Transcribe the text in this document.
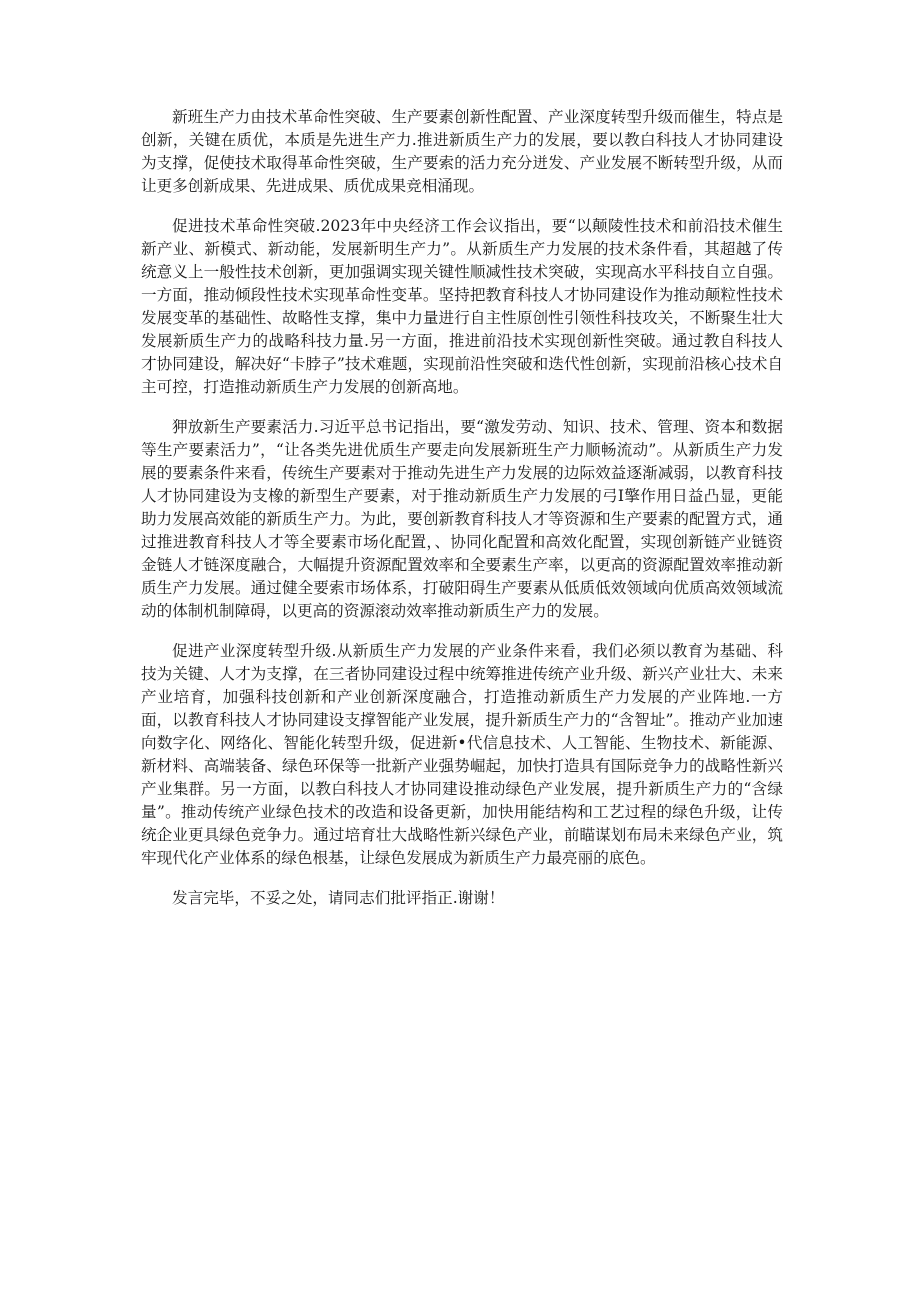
新班生产力由技术革命性突破、生产要素创新性配置、产业深度转型升级而催生，特点是创新，关键在质优，本质是先进生产力.推进新质生产力的发展，要以教白科技人才协同建设为支撑，促使技术取得革命性突破，生产要索的活力充分迸发、产业发展不断转型升级，从而让更多创新成果、先进成果、质优成果竞相涌现。

促进技术革命性突破.2023年中央经济工作会议指出，要“以颠陵性技术和前沿技术催生新产业、新模式、新动能，发展新明生产力”。从新质生产力发展的技术条件看，其超越了传统意义上一般性技术创新，更加强调实现关键性顺减性技术突破，实现高水平科技自立自强。一方面，推动倾段性技术实现革命性变革。坚持把教育科技人才协同建设作为推动颠粒性技术发展变革的基础性、故略性支撑，集中力量进行自主性原创性引领性科技攻关，不断聚生壮大发展新质生产力的战略科技力量.另一方面，推进前沿技术实现创新性突破。通过教自科技人才协同建设，解决好“卡脖子”技术难题，实现前沿性突破和迭代性创新，实现前沿核心技术自主可控，打造推动新质生产力发展的创新高地。

狎放新生产要素活力.习近平总书记指出，要“激发劳动、知识、技术、管理、资本和数据等生产要素活力”，“让各类先进优质生产要走向发展新班生产力顺畅流动”。从新质生产力发展的要素条件来看，传统生产要素对于推动先进生产力发展的边际效益逐渐减弱，以教育科技人才协同建设为支橡的新型生产要素，对于推动新质生产力发展的弓I擎作用日益凸显，更能助力发展高效能的新质生产力。为此，要创新教育科技人才等资源和生产要素的配置方式，通过推进教育科技人才等全要素市场化配置，、协同化配置和高效化配置，实现创新链产业链资金链人才链深度融合，大幅提升资源配置效率和全要素生产率，以更高的资源配置效率推动新质生产力发展。通过健全要索市场体系，打破阳碍生产要素从低质低效领域向优质高效领域流动的体制机制障碍，以更高的资源滚动效率推动新质生产力的发展。

促进产业深度转型升级.从新质生产力发展的产业条件来看，我们必须以教育为基础、科技为关键、人才为支撑，在三者协同建设过程中统筹推进传统产业升级、新兴产业壮大、未来产业培育，加强科技创新和产业创新深度融合，打造推动新质生产力发展的产业阵地.一方面，以教育科技人才协同建设支撑智能产业发展，提升新质生产力的“含智址”。推动产业加速向数字化、网络化、智能化转型升级，促进新•代信息技术、人工智能、生物技术、新能源、新材料、高端装备、绿色环保等一批新产业强势崛起，加快打造具有国际竞争力的战略性新兴产业集群。另一方面，以教白科技人才协同建设推动绿色产业发展，提升新质生产力的“含绿量”。推动传统产业绿色技术的改造和设备更新，加快用能结构和工艺过程的绿色升级，让传统企业更具绿色竞争力。通过培育壮大战略性新兴绿色产业，前瞄谋划布局未来绿色产业，筑牢现代化产业体系的绿色根基，让绿色发展成为新质生产力最亮丽的底色。

发言完毕，不妥之处，请同志们批评指正.谢谢！
